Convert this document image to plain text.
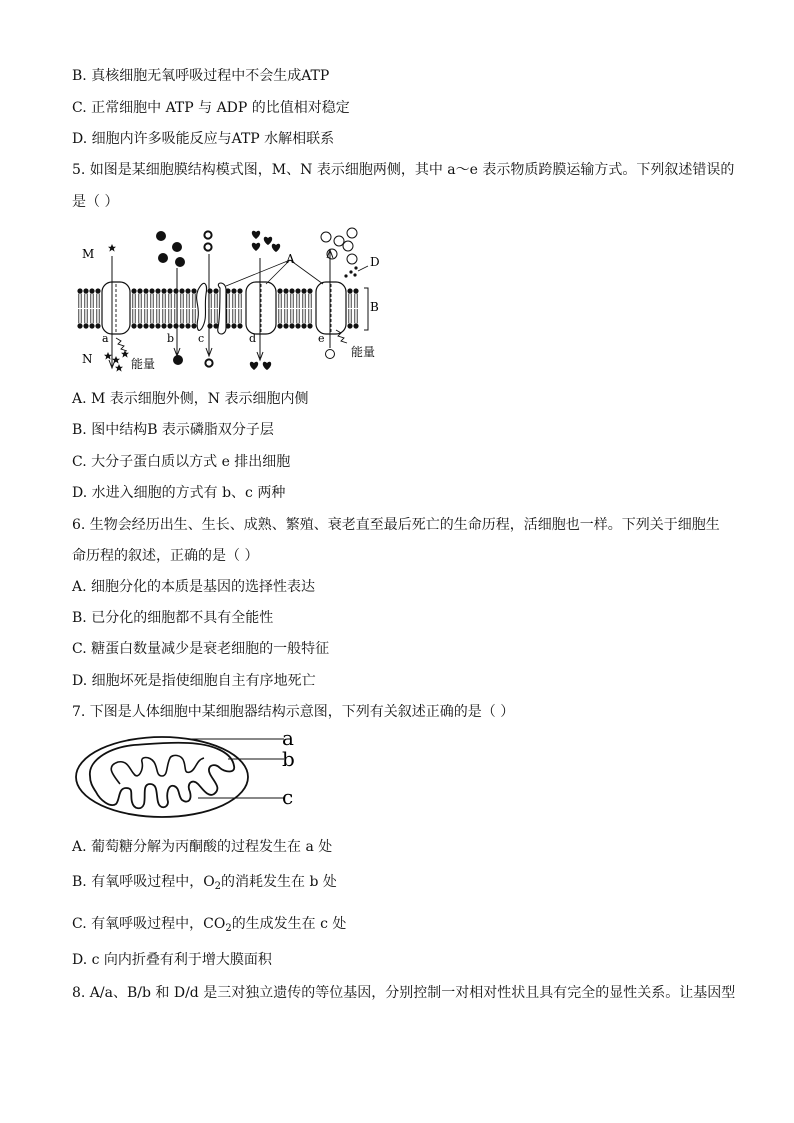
B. 真核细胞无氧呼吸过程中不会生成ATP
C. 正常细胞中 ATP 与 ADP 的比值相对稳定
D. 细胞内许多吸能反应与ATP 水解相联系
5. 如图是某细胞膜结构模式图，M、N 表示细胞两侧，其中 a～e 表示物质跨膜运输方式。下列叙述错误的
是（ ）
M
N
A
B
D
a	b c	d	e
能量
能量
A. M 表示细胞外侧，N 表示细胞内侧
B. 图中结构B 表示磷脂双分子层
C. 大分子蛋白质以方式 e 排出细胞
D. 水进入细胞的方式有 b、c 两种
6. 生物会经历出生、生长、成熟、繁殖、衰老直至最后死亡的生命历程，活细胞也一样。下列关于细胞生
命历程的叙述，正确的是（ ）
A. 细胞分化的本质是基因的选择性表达
B. 已分化的细胞都不具有全能性
C. 糖蛋白数量减少是衰老细胞的一般特征
D. 细胞坏死是指使细胞自主有序地死亡
7. 下图是人体细胞中某细胞器结构示意图，下列有关叙述正确的是（ ）
a
b
c
A. 葡萄糖分解为丙酮酸的过程发生在 a 处
B. 有氧呼吸过程中，$O_2$的消耗发生在 b 处
C. 有氧呼吸过程中，$CO_2$的生成发生在 c 处
D. c 向内折叠有利于增大膜面积
8. A/a、B/b 和 D/d 是三对独立遗传的等位基因，分别控制一对相对性状且具有完全的显性关系。让基因型
